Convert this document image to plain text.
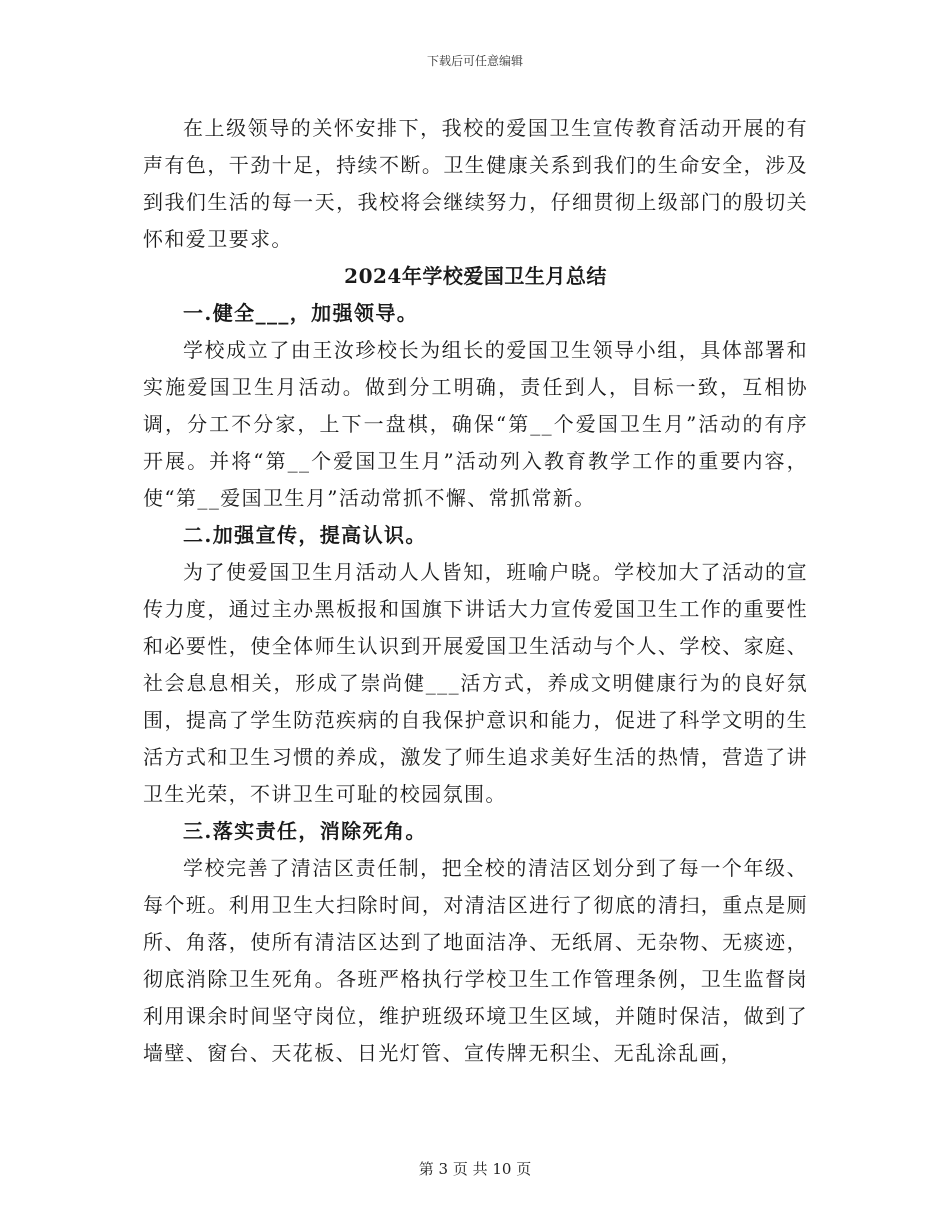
下载后可任意编辑

在上级领导的关怀安排下，我校的爱国卫生宣传教育活动开展的有声有色，干劲十足，持续不断。卫生健康关系到我们的生命安全，涉及到我们生活的每一天，我校将会继续努力，仔细贯彻上级部门的殷切关怀和爱卫要求。

2024年学校爱国卫生月总结

一.健全___，加强领导。

学校成立了由王汝珍校长为组长的爱国卫生领导小组，具体部署和实施爱国卫生月活动。做到分工明确，责任到人，目标一致，互相协调，分工不分家，上下一盘棋，确保“第__个爱国卫生月”活动的有序开展。并将“第__个爱国卫生月”活动列入教育教学工作的重要内容，使“第__爱国卫生月”活动常抓不懈、常抓常新。

二.加强宣传，提高认识。

为了使爱国卫生月活动人人皆知，班喻户晓。学校加大了活动的宣传力度，通过主办黑板报和国旗下讲话大力宣传爱国卫生工作的重要性和必要性，使全体师生认识到开展爱国卫生活动与个人、学校、家庭、社会息息相关，形成了崇尚健___活方式，养成文明健康行为的良好氛围，提高了学生防范疾病的自我保护意识和能力，促进了科学文明的生活方式和卫生习惯的养成，激发了师生追求美好生活的热情，营造了讲卫生光荣，不讲卫生可耻的校园氛围。

三.落实责任，消除死角。

学校完善了清洁区责任制，把全校的清洁区划分到了每一个年级、每个班。利用卫生大扫除时间，对清洁区进行了彻底的清扫，重点是厕所、角落，使所有清洁区达到了地面洁净、无纸屑、无杂物、无痰迹，彻底消除卫生死角。各班严格执行学校卫生工作管理条例，卫生监督岗利用课余时间坚守岗位，维护班级环境卫生区域，并随时保洁，做到了墙壁、窗台、天花板、日光灯管、宣传牌无积尘、无乱涂乱画，

第 3 页 共 10 页
